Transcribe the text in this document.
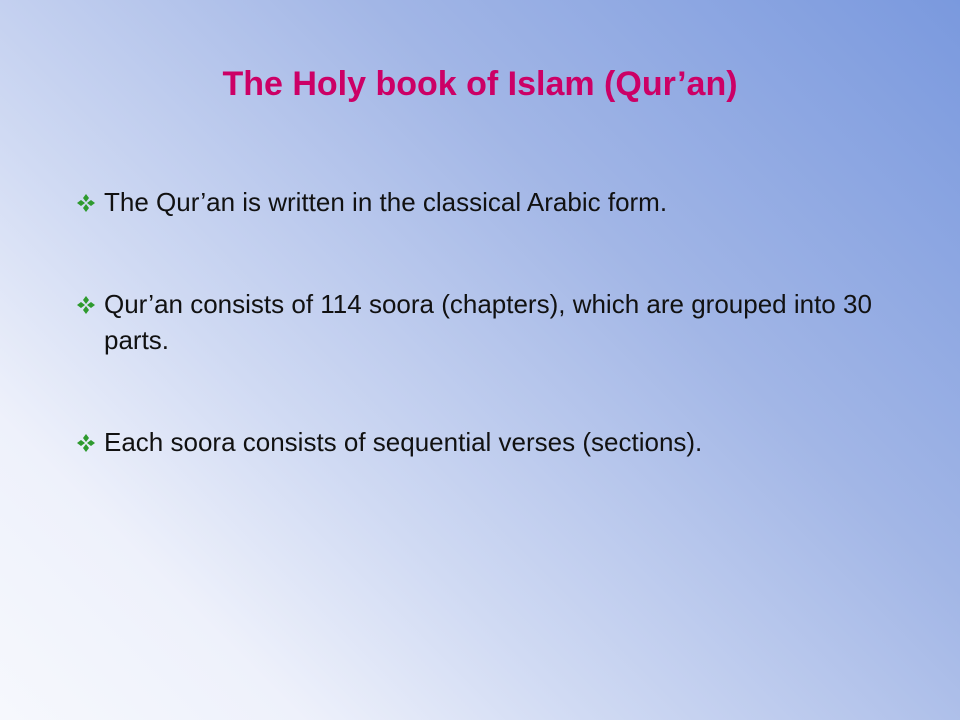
The Holy book of Islam (Qur’an)
The Qur’an is written in the classical Arabic form.
Qur’an consists of 114 soora (chapters), which are grouped into 30 parts.
Each soora consists of sequential verses (sections).
